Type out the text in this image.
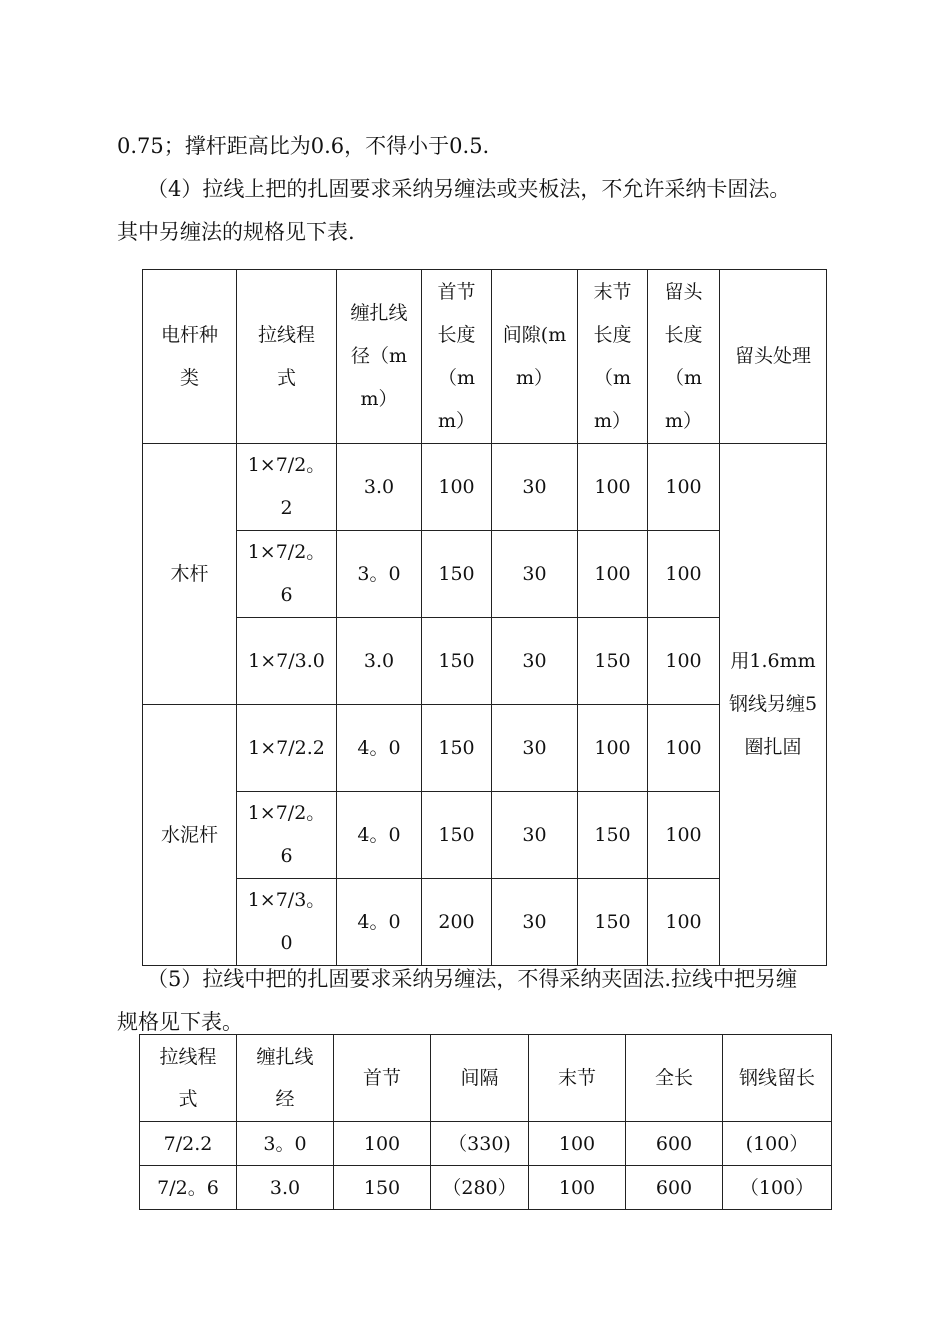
0.75；撑杆距高比为0.6，不得小于0.5.

（4）拉线上把的扎固要求采纳另缠法或夹板法，不允许采纳卡固法。

其中另缠法的规格见下表.

电杆种类	拉线程式	缠扎线径（mm）	首节长度（mm）	间隙(mm）	末节长度（mm）	留头长度（mm）	留头处理
木杆	1×7/2。2	3.0	100	30	100	100	用1.6mm钢线另缠5圈扎固
	1×7/2。6	3。0	150	30	100	100	
	1×7/3.0	3.0	150	30	150	100	
水泥杆	1×7/2.2	4。0	150	30	100	100	
	1×7/2。6	4。0	150	30	150	100	
	1×7/3。0	4。0	200	30	150	100	

（5）拉线中把的扎固要求采纳另缠法，不得采纳夹固法.拉线中把另缠

规格见下表。

拉线程式	缠扎线经	首节	间隔	末节	全长	钢线留长
7/2.2	3。0	100	（330)	100	600	(100）
7/2。6	3.0	150	（280）	100	600	（100）
